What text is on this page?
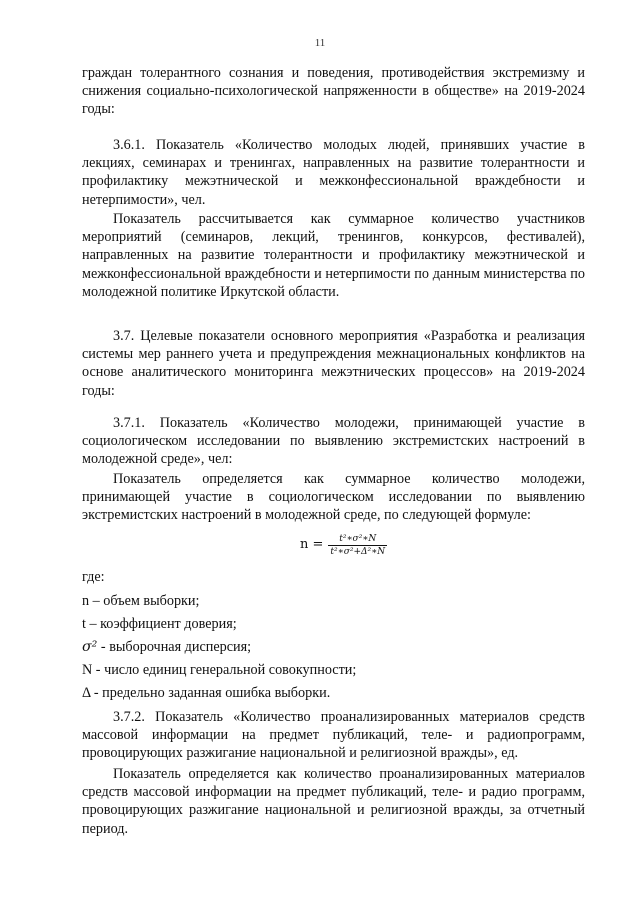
11

граждан толерантного сознания и поведения, противодействия экстремизму и снижения социально-психологической напряженности в обществе» на 2019-2024 годы:

3.6.1. Показатель «Количество молодых людей, принявших участие в лекциях, семинарах и тренингах, направленных на развитие толерантности и профилактику межэтнической и межконфессиональной враждебности и нетерпимости», чел.

Показатель рассчитывается как суммарное количество участников мероприятий (семинаров, лекций, тренингов, конкурсов, фестивалей), направленных на развитие толерантности и профилактику межэтнической и межконфессиональной враждебности и нетерпимости по данным министерства по молодежной политике Иркутской области.

3.7. Целевые показатели основного мероприятия «Разработка и реализация системы мер раннего учета и предупреждения межнациональных конфликтов на основе аналитического мониторинга межэтнических процессов» на 2019-2024 годы:

3.7.1. Показатель «Количество молодежи, принимающей участие в социологическом исследовании по выявлению экстремистских настроений в молодежной среде», чел:

Показатель определяется как суммарное количество молодежи, принимающей участие в социологическом исследовании по выявлению экстремистских настроений в молодежной среде, по следующей формуле:

$n = \frac{\text{t²∗σ²∗N}}{\text{t²∗σ²+Δ²∗N}}$

где:

n – объем выборки;

t – коэффициент доверия;

σ² - выборочная дисперсия;

N - число единиц генеральной совокупности;

Δ - предельно заданная ошибка выборки.

3.7.2. Показатель «Количество проанализированных материалов средств массовой информации на предмет публикаций, теле- и радиопрограмм, провоцирующих разжигание национальной и религиозной вражды», ед.

Показатель определяется как количество проанализированных материалов средств массовой информации на предмет публикаций, теле- и радио программ, провоцирующих разжигание национальной и религиозной вражды, за отчетный период.
